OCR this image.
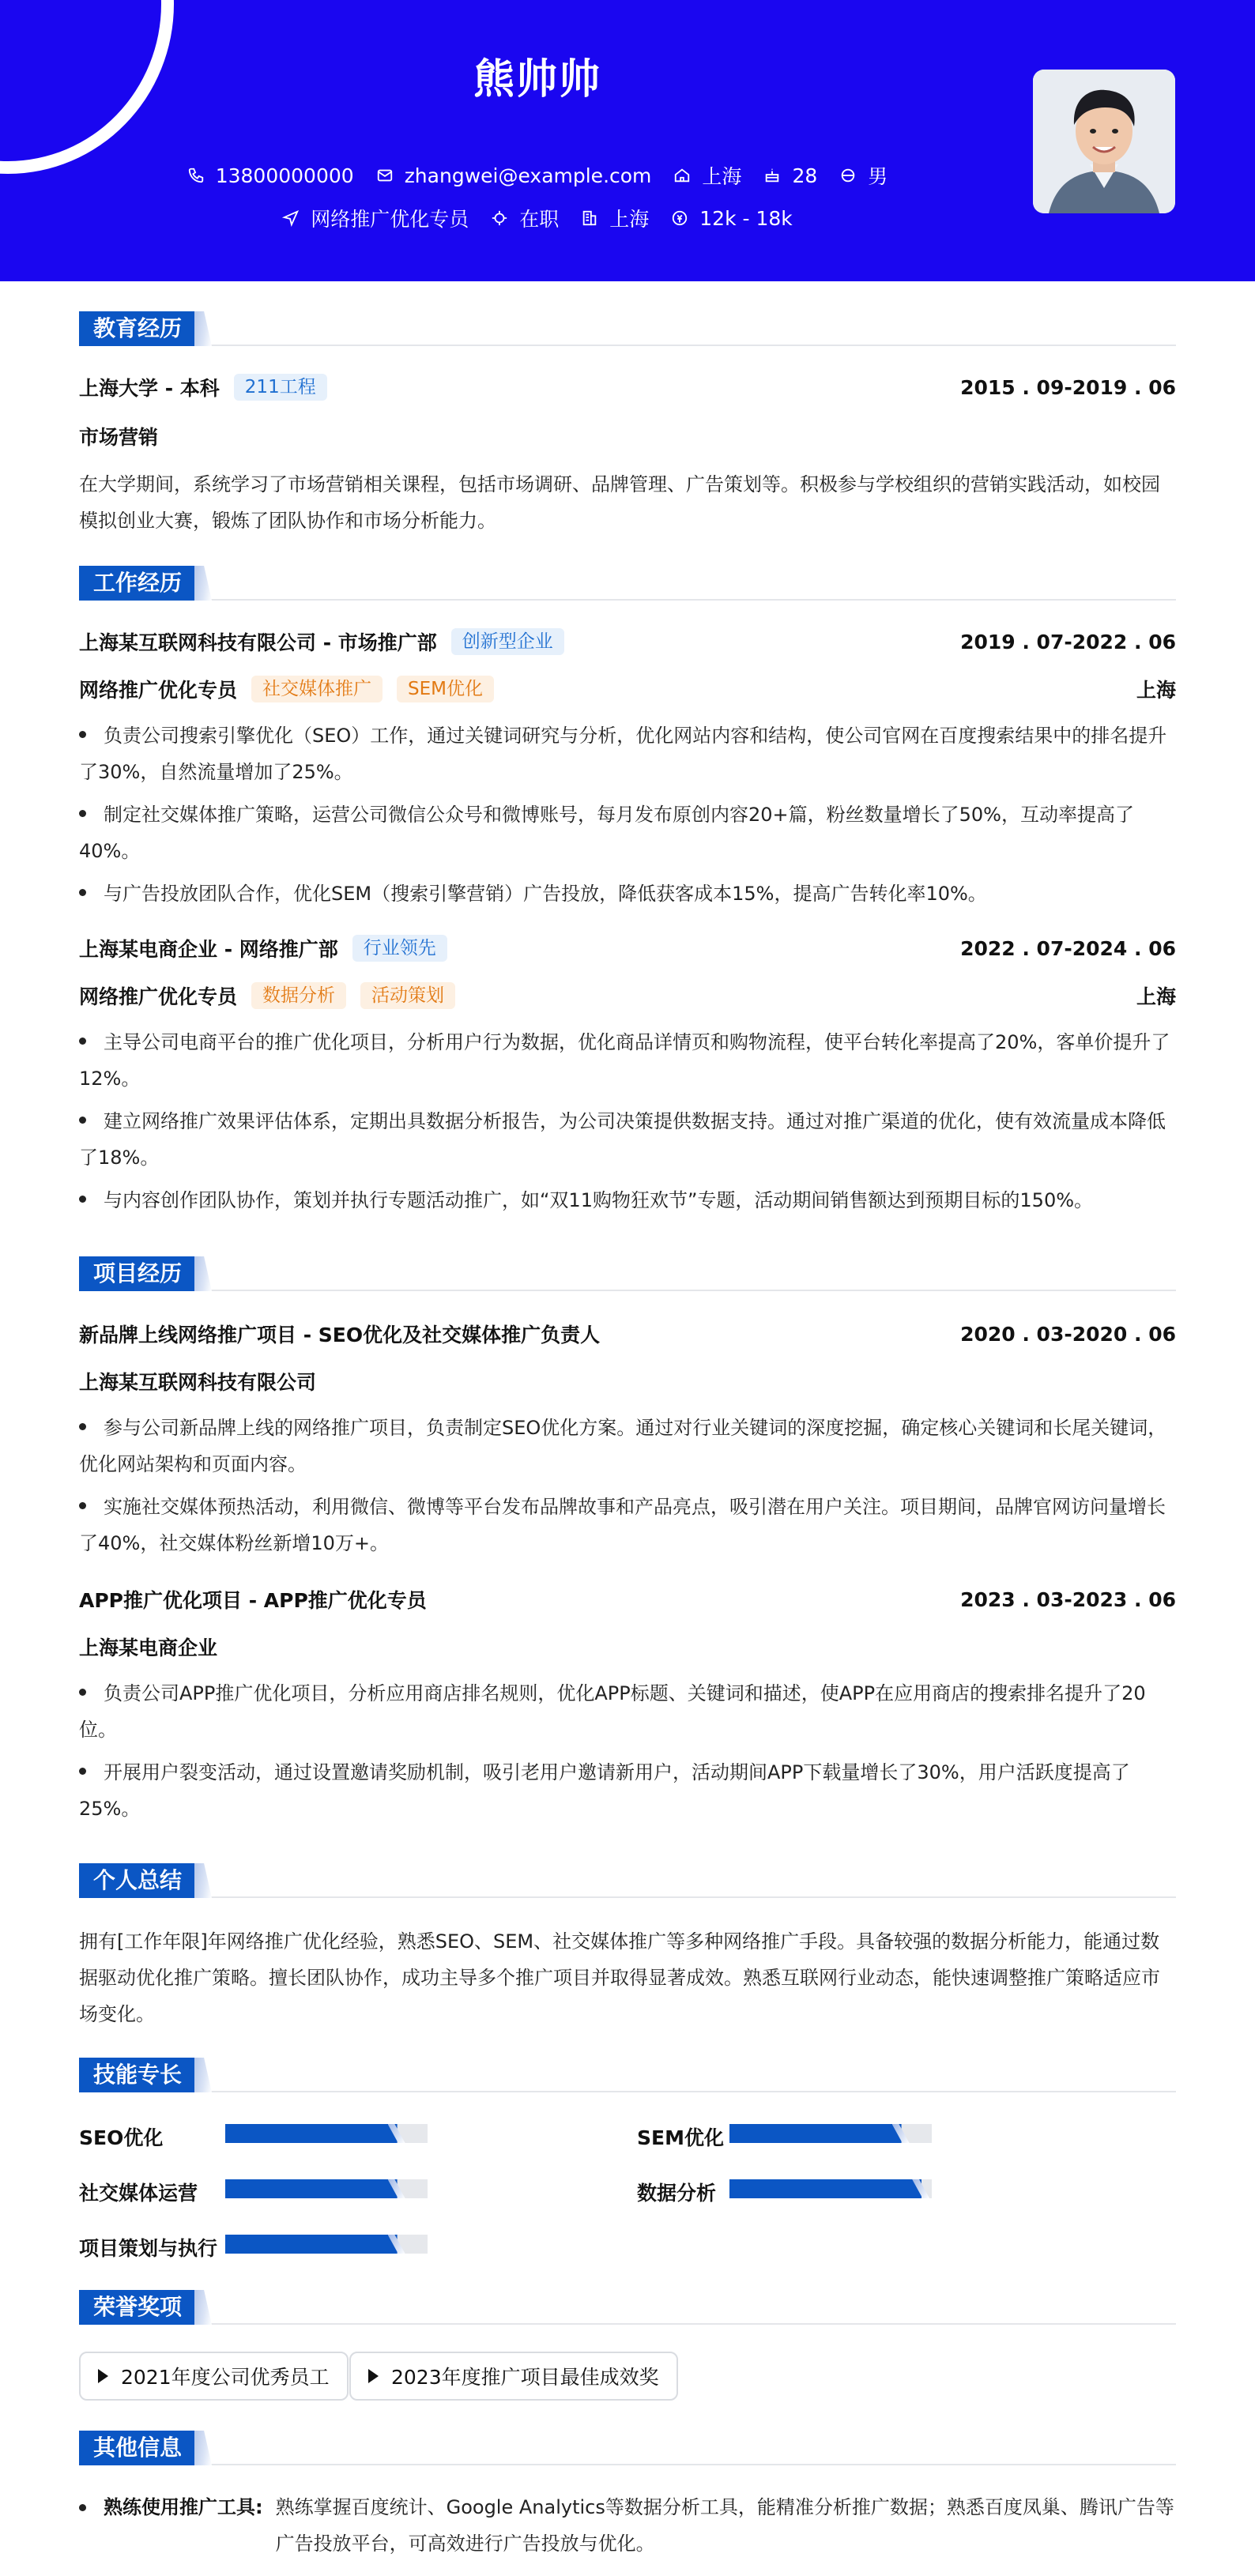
熊帅帅
13800000000	zhangwei@example.com	上海	28	男
网络推广优化专员	在职	上海	12k - 18k
教育经历
上海大学 - 本科	211工程	2015 . 09-2019 . 06
市场营销
在大学期间，系统学习了市场营销相关课程，包括市场调研、品牌管理、广告策划等。积极参与学校组织的营销实践活动，如校园模拟创业大赛，锻炼了团队协作和市场分析能力。
工作经历
上海某互联网科技有限公司 - 市场推广部	创新型企业	2019 . 07-2022 . 06
网络推广优化专员	社交媒体推广	SEM优化	上海
负责公司搜索引擎优化（SEO）工作，通过关键词研究与分析，优化网站内容和结构，使公司官网在百度搜索结果中的排名提升了30%，自然流量增加了25%。
制定社交媒体推广策略，运营公司微信公众号和微博账号，每月发布原创内容20+篇，粉丝数量增长了50%，互动率提高了40%。
与广告投放团队合作，优化SEM（搜索引擎营销）广告投放，降低获客成本15%，提高广告转化率10%。
上海某电商企业 - 网络推广部	行业领先	2022 . 07-2024 . 06
网络推广优化专员	数据分析	活动策划	上海
主导公司电商平台的推广优化项目，分析用户行为数据，优化商品详情页和购物流程，使平台转化率提高了20%，客单价提升了12%。
建立网络推广效果评估体系，定期出具数据分析报告，为公司决策提供数据支持。通过对推广渠道的优化，使有效流量成本降低了18%。
与内容创作团队协作，策划并执行专题活动推广，如“双11购物狂欢节”专题，活动期间销售额达到预期目标的150%。
项目经历
新品牌上线网络推广项目 - SEO优化及社交媒体推广负责人	2020 . 03-2020 . 06
上海某互联网科技有限公司
参与公司新品牌上线的网络推广项目，负责制定SEO优化方案。通过对行业关键词的深度挖掘，确定核心关键词和长尾关键词，优化网站架构和页面内容。
实施社交媒体预热活动，利用微信、微博等平台发布品牌故事和产品亮点，吸引潜在用户关注。项目期间，品牌官网访问量增长了40%，社交媒体粉丝新增10万+。
APP推广优化项目 - APP推广优化专员	2023 . 03-2023 . 06
上海某电商企业
负责公司APP推广优化项目，分析应用商店排名规则，优化APP标题、关键词和描述，使APP在应用商店的搜索排名提升了20位。
开展用户裂变活动，通过设置邀请奖励机制，吸引老用户邀请新用户，活动期间APP下载量增长了30%，用户活跃度提高了25%。
个人总结
拥有[工作年限]年网络推广优化经验，熟悉SEO、SEM、社交媒体推广等多种网络推广手段。具备较强的数据分析能力，能通过数据驱动优化推广策略。擅长团队协作，成功主导多个推广项目并取得显著成效。熟悉互联网行业动态，能快速调整推广策略适应市场变化。
技能专长
SEO优化	SEM优化
社交媒体运营	数据分析
项目策划与执行
荣誉奖项
2021年度公司优秀员工	2023年度推广项目最佳成效奖
其他信息
熟练使用推广工具: 熟练掌握百度统计、Google Analytics等数据分析工具，能精准分析推广数据；熟悉百度凤巢、腾讯广告等广告投放平台，可高效进行广告投放与优化。
